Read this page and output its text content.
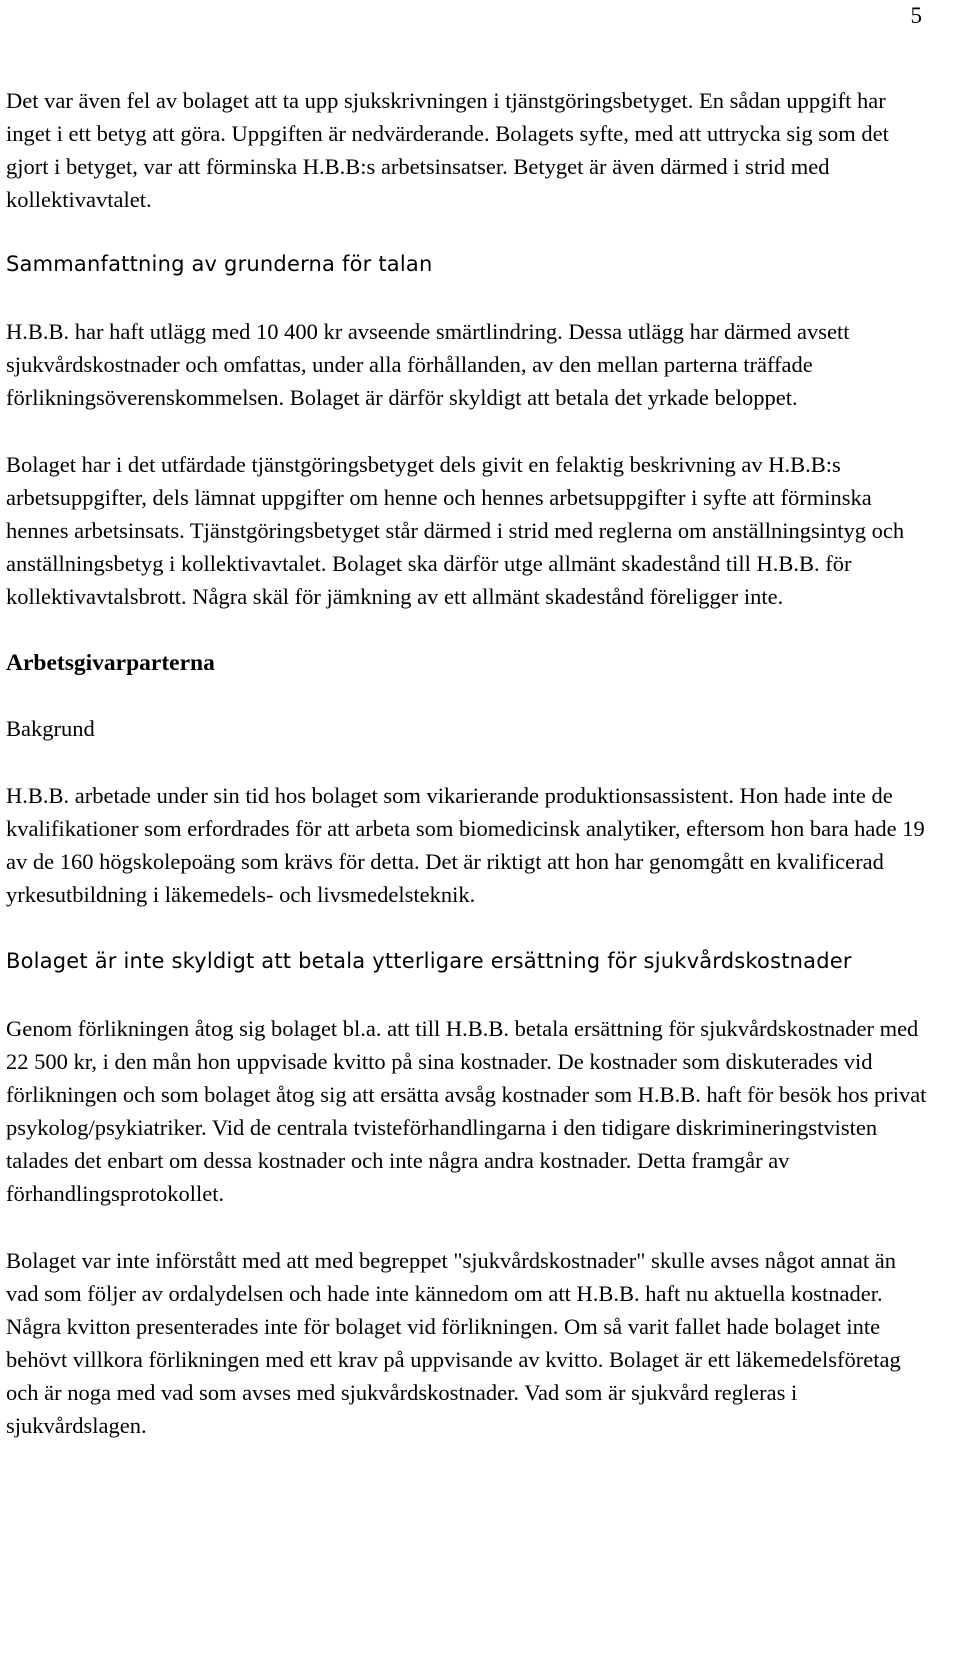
5

Det var även fel av bolaget att ta upp sjukskrivningen i tjänstgöringsbetyget. En sådan uppgift har inget i ett betyg att göra. Uppgiften är nedvärderande. Bolagets syfte, med att uttrycka sig som det gjort i betyget, var att förminska H.B.B:s arbetsinsatser. Betyget är även därmed i strid med kollektivavtalet.

Sammanfattning av grunderna för talan

H.B.B. har haft utlägg med 10 400 kr avseende smärtlindring. Dessa utlägg har därmed avsett sjukvårdskostnader och omfattas, under alla förhållanden, av den mellan parterna träffade förlikningsöverenskommelsen. Bolaget är därför skyldigt att betala det yrkade beloppet.

Bolaget har i det utfärdade tjänstgöringsbetyget dels givit en felaktig beskrivning av H.B.B:s arbetsuppgifter, dels lämnat uppgifter om henne och hennes arbetsuppgifter i syfte att förminska hennes arbetsinsats. Tjänstgöringsbetyget står därmed i strid med reglerna om anställningsintyg och anställningsbetyg i kollektivavtalet. Bolaget ska därför utge allmänt skadestånd till H.B.B. för kollektivavtalsbrott. Några skäl för jämkning av ett allmänt skadestånd föreligger inte.

Arbetsgivarparterna

Bakgrund

H.B.B. arbetade under sin tid hos bolaget som vikarierande produktionsassistent. Hon hade inte de kvalifikationer som erfordrades för att arbeta som biomedicinsk analytiker, eftersom hon bara hade 19 av de 160 högskolepoäng som krävs för detta. Det är riktigt att hon har genomgått en kvalificerad yrkesutbildning i läkemedels- och livsmedelsteknik.

Bolaget är inte skyldigt att betala ytterligare ersättning för sjukvårdskostnader

Genom förlikningen åtog sig bolaget bl.a. att till H.B.B. betala ersättning för sjukvårdskostnader med 22 500 kr, i den mån hon uppvisade kvitto på sina kostnader. De kostnader som diskuterades vid förlikningen och som bolaget åtog sig att ersätta avsåg kostnader som H.B.B. haft för besök hos privat psykolog/psykiatriker. Vid de centrala tvisteförhandlingarna i den tidigare diskrimineringstvisten talades det enbart om dessa kostnader och inte några andra kostnader. Detta framgår av förhandlingsprotokollet.

Bolaget var inte införstått med att med begreppet "sjukvårdskostnader" skulle avses något annat än vad som följer av ordalydelsen och hade inte kännedom om att H.B.B. haft nu aktuella kostnader. Några kvitton presenterades inte för bolaget vid förlikningen. Om så varit fallet hade bolaget inte behövt villkora förlikningen med ett krav på uppvisande av kvitto. Bolaget är ett läkemedelsföretag och är noga med vad som avses med sjukvårdskostnader. Vad som är sjukvård regleras i sjukvårdslagen.
